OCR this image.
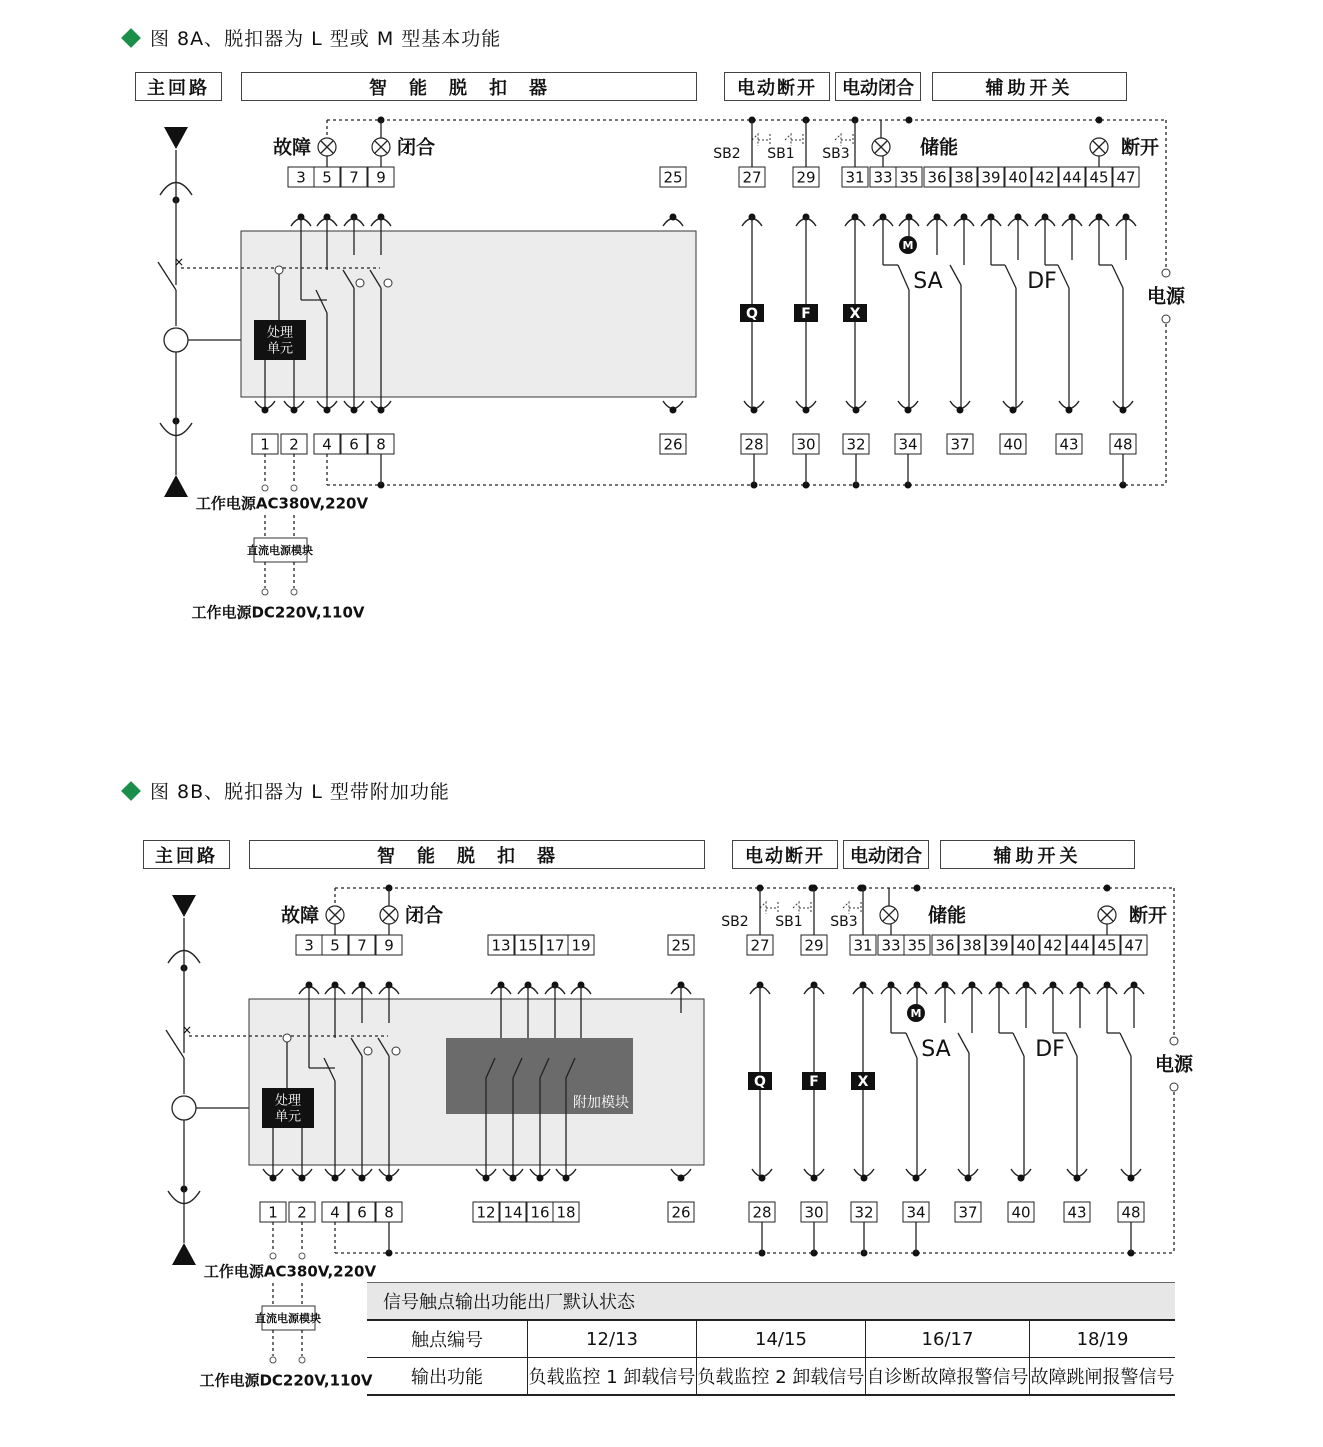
图 8A、脱扣器为 L 型或 M 型基本功能
图 8B、脱扣器为 L 型带附加功能
主回路	智能脱扣器	电动断开 电动闭合	辅助开关
主回路	智能脱扣器	电动断开 电动闭合	辅助开关
×
处理
单元
3 5 7 9
故障	闭合
1 2 4 6 8
25
26
27 29 31 33 35 36 38 39 40 42 44 45 47
电源
SB2 SB1 SB3	储能	断开
Q	F	X
M
SA	DF
28 30 32 34 37 40 43 48
工作电源AC380V,220V
直流电源模块
工作电源DC220V,110V
×
处理
单元
3 5 7 9
故障	闭合
1 2 4 6 8
25
26
13 15 17 19
附加模块
12 14 16 18
27 29 31 33 35 36 38 39 40 42 44 45 47
电源
SB2 SB1 SB3	储能	断开
Q	F	X
M
SA	DF
28 30 32 34 37 40 43 48
工作电源AC380V,220V
直流电源模块
工作电源DC220V,110V
信号触点输出功能出厂默认状态				
触点编号	12/13	14/15	16/17	18/19
输出功能	负载监控 1 卸载信号	负载监控 2 卸载信号	自诊断故障报警信号	故障跳闸报警信号
